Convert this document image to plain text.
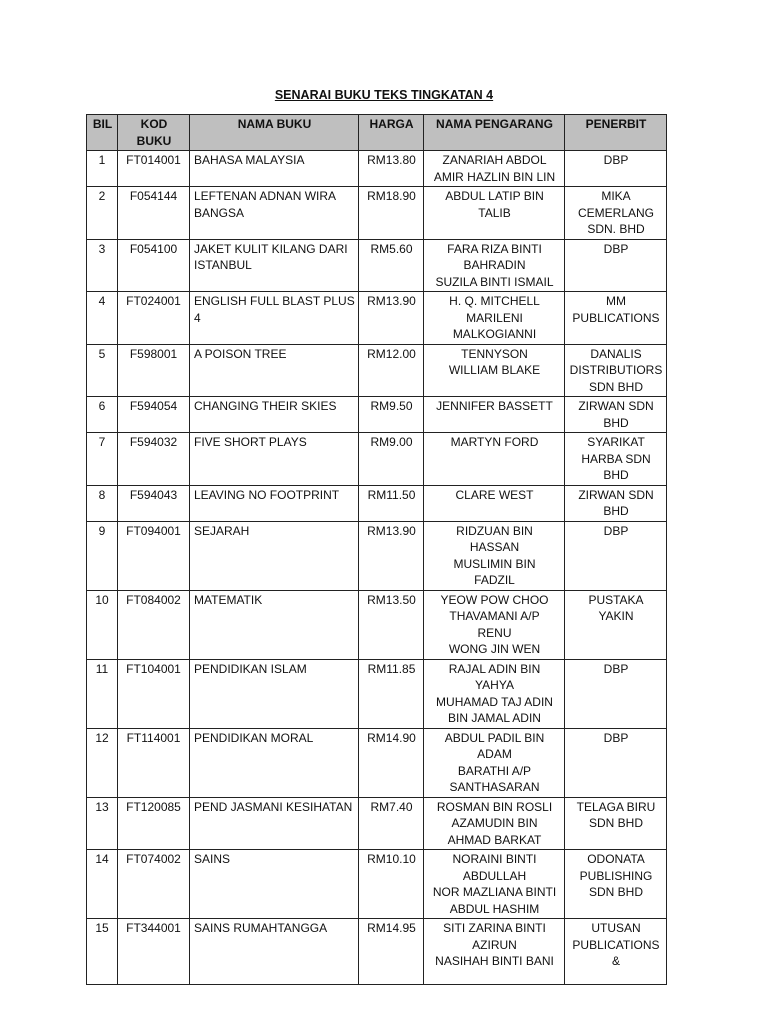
SENARAI BUKU TEKS TINGKATAN 4
BIL	KOD
BUKU	NAMA BUKU	HARGA	NAMA PENGARANG	PENERBIT
1	FT014001	BAHASA MALAYSIA	RM13.80	ZANARIAH ABDOL
AMIR HAZLIN BIN LIN	DBP

2	F054144	LEFTENAN ADNAN WIRA
BANGSA	RM18.90	ABDUL LATIP BIN
TALIB	MIKA
CEMERLANG
SDN. BHD

3	F054100	JAKET KULIT KILANG DARI
ISTANBUL	RM5.60	FARA RIZA BINTI
BAHRADIN
SUZILA BINTI ISMAIL	DBP

4	FT024001	ENGLISH FULL BLAST PLUS
4	RM13.90	H. Q. MITCHELL
MARILENI
MALKOGIANNI	MM
PUBLICATIONS

5	F598001	A POISON TREE	RM12.00	TENNYSON
WILLIAM BLAKE	DANALIS
DISTRIBUTIORS
SDN BHD

6	F594054	CHANGING THEIR SKIES	RM9.50	JENNIFER BASSETT	ZIRWAN SDN
BHD

7	F594032	FIVE SHORT PLAYS	RM9.00	MARTYN FORD	SYARIKAT
HARBA SDN
BHD

8	F594043	LEAVING NO FOOTPRINT	RM11.50	CLARE WEST	ZIRWAN SDN
BHD

9	FT094001	SEJARAH	RM13.90	RIDZUAN BIN
HASSAN
MUSLIMIN BIN
FADZIL	DBP

10	FT084002	MATEMATIK	RM13.50	YEOW POW CHOO
THAVAMANI A/P
RENU
WONG JIN WEN	PUSTAKA
YAKIN

11	FT104001	PENDIDIKAN ISLAM	RM11.85	RAJAL ADIN BIN
YAHYA
MUHAMAD TAJ ADIN
BIN JAMAL ADIN	DBP

12	FT114001	PENDIDIKAN MORAL	RM14.90	ABDUL PADIL BIN
ADAM
BARATHI A/P
SANTHASARAN	DBP

13	FT120085	PEND JASMANI KESIHATAN	RM7.40	ROSMAN BIN ROSLI
AZAMUDIN BIN
AHMAD BARKAT	TELAGA BIRU
SDN BHD

14	FT074002	SAINS	RM10.10	NORAINI BINTI
ABDULLAH
NOR MAZLIANA BINTI
ABDUL HASHIM	ODONATA
PUBLISHING
SDN BHD

15	FT344001	SAINS RUMAHTANGGA	RM14.95	SITI ZARINA BINTI
AZIRUN
NASIHAH BINTI BANI	UTUSAN
PUBLICATIONS
&
